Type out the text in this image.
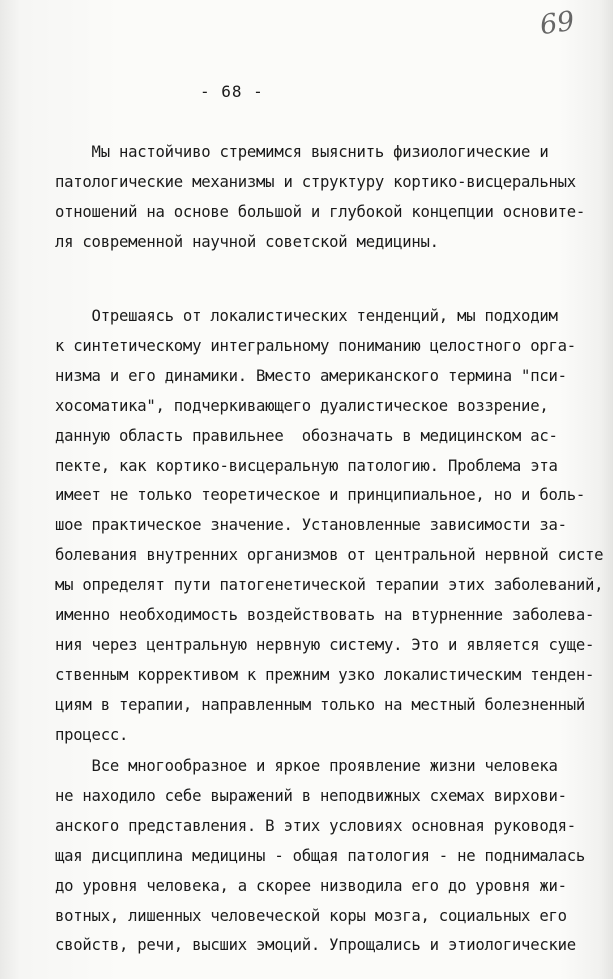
69
- 68 -
Мы настойчиво стремимся выяснить физиологические и
патологические механизмы и структуру кортико-висцеральных
отношений на основе большой и глубокой концепции основите-
ля современной научной советской медицины.
Отрешаясь от локалистических тенденций, мы подходим
к синтетическому интегральному пониманию целостного орга-
низма и его динамики. Вместо американского термина "пси-
хосоматика", подчеркивающего дуалистическое воззрение,
данную область правильнее  обозначать в медицинском ас-
пекте, как кортико-висцеральную патологию. Проблема эта
имеет не только теоретическое и принципиальное, но и боль-
шое практическое значение. Установленные зависимости за-
болевания внутренних организмов от центральной нервной систе
мы определят пути патогенетической терапии этих заболеваний,
именно необходимость воздействовать на втурненние заболева-
ния через центральную нервную систему. Это и является суще-
ственным коррективом к прежним узко локалистическим тенден-
циям в терапии, направленным только на местный болезненный
процесс.
Все многообразное и яркое проявление жизни человека
не находило себе выражений в неподвижных схемах вирхови-
анского представления. В этих условиях основная руководя-
щая дисциплина медицины - общая патология - не поднималась
до уровня человека, а скорее низводила его до уровня жи-
вотных, лишенных человеческой коры мозга, социальных его
свойств, речи, высших эмоций. Упрощались и этиологические
